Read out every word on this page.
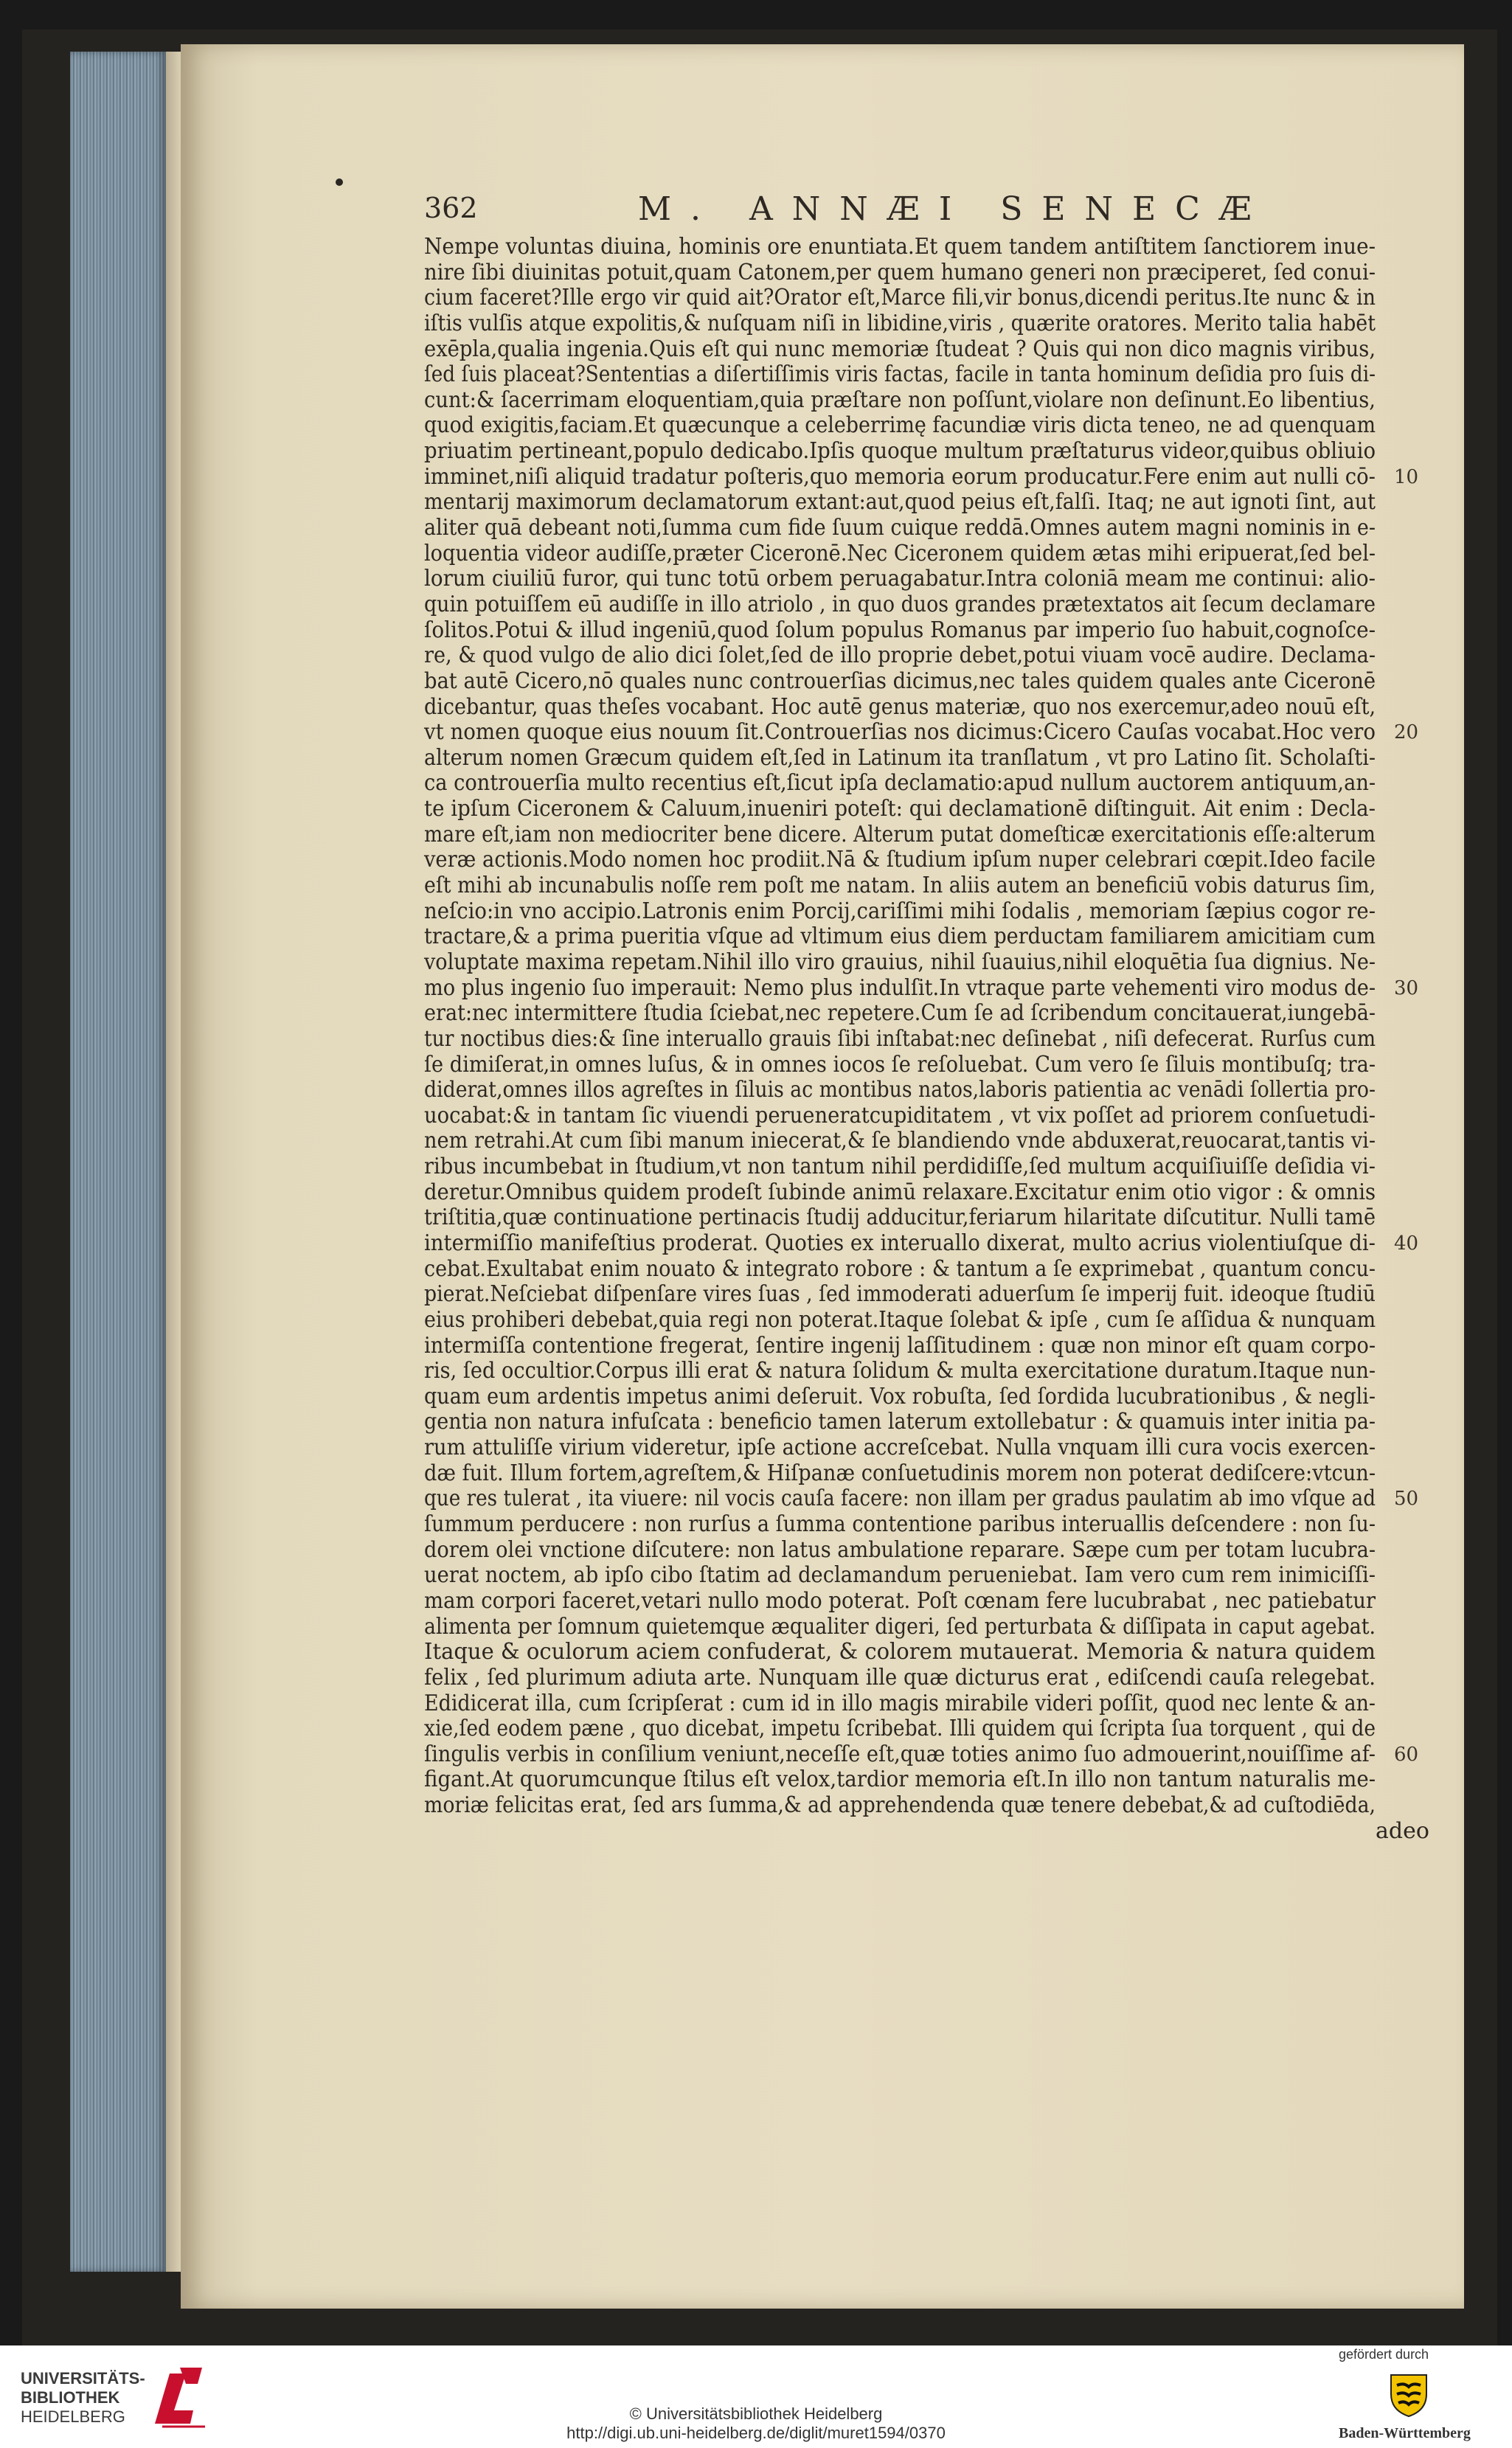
362	M. ANNÆI SENECÆ
Nempe voluntas diuina, hominis ore enuntiata.Et quem tandem antiſtitem ſanctiorem inue-
nire ſibi diuinitas potuit,quam Catonem,per quem humano generi non præciperet, ſed conui-
cium faceret?Ille ergo vir quid ait?Orator eſt,Marce fili,vir bonus,dicendi peritus.Ite nunc & in
iſtis vulſis atque expolitis,& nuſquam niſi in libidine,viris , quærite oratores. Merito talia habēt
exēpla,qualia ingenia.Quis eſt qui nunc memoriæ ſtudeat ? Quis qui non dico magnis viribus,
ſed ſuis placeat?Sententias a diſertiſſimis viris factas, facile in tanta hominum deſidia pro ſuis di-
cunt:& ſacerrimam eloquentiam,quia præſtare non poſſunt,violare non deſinunt.Eo libentius,
quod exigitis,faciam.Et quæcunque a celeberrimę facundiæ viris dicta teneo, ne ad quenquam
priuatim pertineant,populo dedicabo.Ipſis quoque multum præſtaturus videor,quibus obliuio
imminet,niſi aliquid tradatur poſteris,quo memoria eorum producatur.Fere enim aut nulli cō- 10
mentarij maximorum declamatorum extant:aut,quod peius eſt,falſi. Itaq; ne aut ignoti ſint, aut
aliter quā debeant noti,ſumma cum fide ſuum cuique reddā.Omnes autem magni nominis in e-
loquentia videor audiſſe,præter Ciceronē.Nec Ciceronem quidem ætas mihi eripuerat,ſed bel-
lorum ciuiliū furor, qui tunc totū orbem peruagabatur.Intra coloniā meam me continui: alio-
quin potuiſſem eū audiſſe in illo atriolo , in quo duos grandes prætextatos ait ſecum declamare
ſolitos.Potui & illud ingeniū,quod ſolum populus Romanus par imperio ſuo habuit,cognoſce-
re, & quod vulgo de alio dici ſolet,ſed de illo proprie debet,potui viuam vocē audire. Declama-
bat autē Cicero,nō quales nunc controuerſias dicimus,nec tales quidem quales ante Ciceronē
dicebantur, quas theſes vocabant. Hoc autē genus materiæ, quo nos exercemur,adeo nouū eſt,
vt nomen quoque eius nouum ſit.Controuerſias nos dicimus:Cicero Cauſas vocabat.Hoc vero 20
alterum nomen Græcum quidem eſt,ſed in Latinum ita tranſlatum , vt pro Latino ſit. Scholaſti-
ca controuerſia multo recentius eſt,ſicut ipſa declamatio:apud nullum auctorem antiquum,an-
te ipſum Ciceronem & Caluum,inueniri poteſt: qui declamationē diſtinguit. Ait enim : Decla-
mare eſt,iam non mediocriter bene dicere. Alterum putat domeſticæ exercitationis eſſe:alterum
veræ actionis.Modo nomen hoc prodiit.Nā & ſtudium ipſum nuper celebrari cœpit.Ideo facile
eſt mihi ab incunabulis noſſe rem poſt me natam. In aliis autem an beneficiū vobis daturus ſim,
neſcio:in vno accipio.Latronis enim Porcij,cariſſimi mihi ſodalis , memoriam ſæpius cogor re-
tractare,& a prima pueritia vſque ad vltimum eius diem perductam familiarem amicitiam cum
voluptate maxima repetam.Nihil illo viro grauius, nihil ſuauius,nihil eloquētia ſua dignius. Ne-
mo plus ingenio ſuo imperauit: Nemo plus indulſit.In vtraque parte vehementi viro modus de- 30
erat:nec intermittere ſtudia ſciebat,nec repetere.Cum ſe ad ſcribendum concitauerat,iungebā-
tur noctibus dies:& ſine interuallo grauis ſibi inſtabat:nec deſinebat , niſi defecerat. Rurſus cum
ſe dimiſerat,in omnes luſus, & in omnes iocos ſe reſoluebat. Cum vero ſe ſiluis montibuſq; tra-
diderat,omnes illos agreſtes in ſiluis ac montibus natos,laboris patientia ac venādi ſollertia pro-
uocabat:& in tantam ſic viuendi perueneratcupiditatem , vt vix poſſet ad priorem conſuetudi-
nem retrahi.At cum ſibi manum iniecerat,& ſe blandiendo vnde abduxerat,reuocarat,tantis vi-
ribus incumbebat in ſtudium,vt non tantum nihil perdidiſſe,ſed multum acquiſiuiſſe deſidia vi-
deretur.Omnibus quidem prodeſt ſubinde animū relaxare.Excitatur enim otio vigor : & omnis
triſtitia,quæ continuatione pertinacis ſtudij adducitur,feriarum hilaritate diſcutitur. Nulli tamē
intermiſſio manifeſtius proderat. Quoties ex interuallo dixerat, multo acrius violentiuſque di- 40
cebat.Exultabat enim nouato & integrato robore : & tantum a ſe exprimebat , quantum concu-
pierat.Neſciebat diſpenſare vires ſuas , ſed immoderati aduerſum ſe imperij fuit. ideoque ſtudiū
eius prohiberi debebat,quia regi non poterat.Itaque ſolebat & ipſe , cum ſe aſſidua & nunquam
intermiſſa contentione fregerat, ſentire ingenij laſſitudinem : quæ non minor eſt quam corpo-
ris, ſed occultior.Corpus illi erat & natura ſolidum & multa exercitatione duratum.Itaque nun-
quam eum ardentis impetus animi deſeruit. Vox robuſta, ſed ſordida lucubrationibus , & negli-
gentia non natura infuſcata : beneficio tamen laterum extollebatur : & quamuis inter initia pa-
rum attuliſſe virium videretur, ipſe actione accreſcebat. Nulla vnquam illi cura vocis exercen-
dæ fuit. Illum fortem,agreſtem,& Hiſpanæ conſuetudinis morem non poterat dediſcere:vtcun-
que res tulerat , ita viuere: nil vocis cauſa facere: non illam per gradus paulatim ab imo vſque ad 50
ſummum perducere : non rurſus a ſumma contentione paribus interuallis deſcendere : non ſu-
dorem olei vnctione diſcutere: non latus ambulatione reparare. Sæpe cum per totam lucubra-
uerat noctem, ab ipſo cibo ſtatim ad declamandum perueniebat. Iam vero cum rem inimiciſſi-
mam corpori faceret,vetari nullo modo poterat. Poſt cœnam fere lucubrabat , nec patiebatur
alimenta per ſomnum quietemque æqualiter digeri, ſed perturbata & diſſipata in caput agebat.
Itaque & oculorum aciem confuderat, & colorem mutauerat. Memoria & natura quidem
felix , ſed plurimum adiuta arte. Nunquam ille quæ dicturus erat , ediſcendi cauſa relegebat.
Edidicerat illa, cum ſcripſerat : cum id in illo magis mirabile videri poſſit, quod nec lente & an-
xie,ſed eodem pæne , quo dicebat, impetu ſcribebat. Illi quidem qui ſcripta ſua torquent , qui de
ſingulis verbis in conſilium veniunt,neceſſe eſt,quæ toties animo ſuo admouerint,nouiſſime af- 60
figant.At quorumcunque ſtilus eſt velox,tardior memoria eſt.In illo non tantum naturalis me-
moriæ felicitas erat, ſed ars ſumma,& ad apprehendenda quæ tenere debebat,& ad cuſtodiēda,
adeo
UNIVERSITÄTS-
BIBLIOTHEK
HEIDELBERG	© Universitätsbibliothek Heidelberg
http://digi.ub.uni-heidelberg.de/diglit/muret1594/0370
gefördert durch
Baden-Württemberg
